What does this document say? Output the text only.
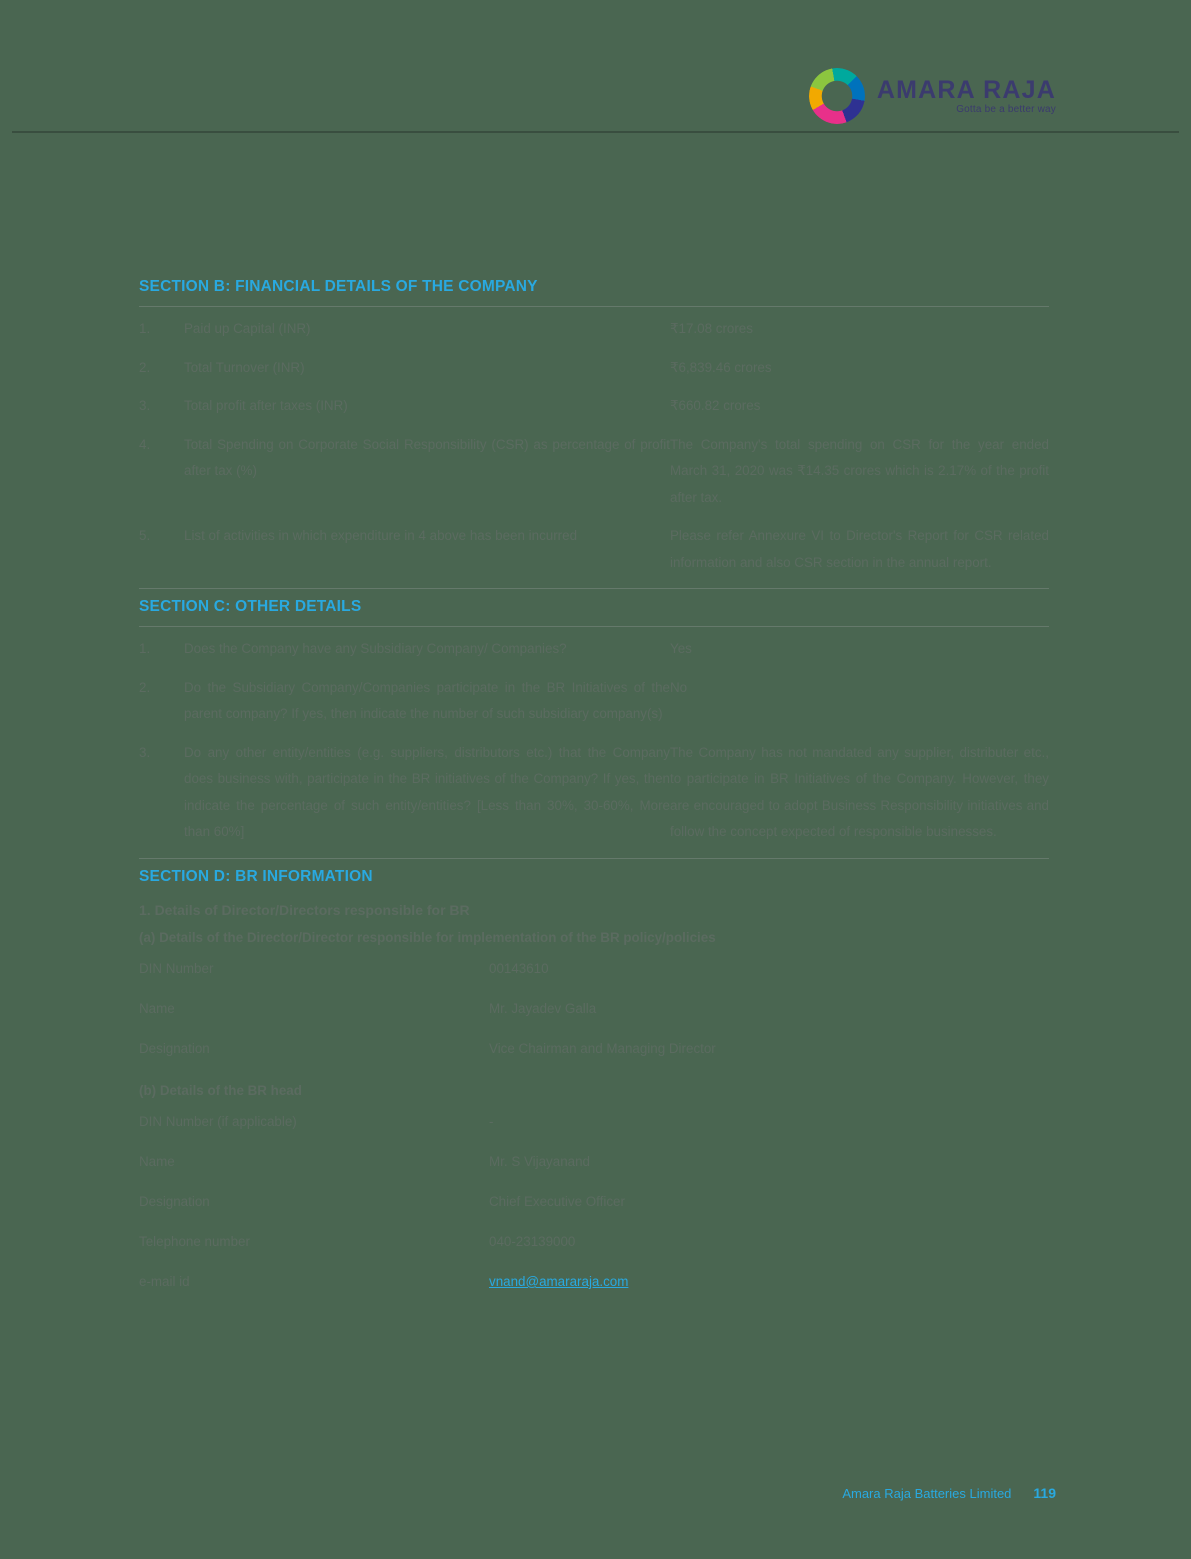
AMARA RAJA
Gotta be a better way
SECTION B: FINANCIAL DETAILS OF THE COMPANY
1.	Paid up Capital (INR)	₹17.08 crores
2.	Total Turnover (INR)	₹6,839.46 crores
3.	Total profit after taxes (INR)	₹660.82 crores
4.	Total Spending on Corporate Social Responsibility (CSR) as percentage of profit after tax (%)	The Company's total spending on CSR for the year ended March 31, 2020 was ₹14.35 crores which is 2.17% of the profit after tax.
5.	List of activities in which expenditure in 4 above has been incurred	Please refer Annexure VI to Director's Report for CSR related information and also CSR section in the annual report.
SECTION C: OTHER DETAILS
1.	Does the Company have any Subsidiary Company/ Companies?	Yes
2.	Do the Subsidiary Company/Companies participate in the BR Initiatives of the parent company? If yes, then indicate the number of such subsidiary company(s)	No
3.	Do any other entity/entities (e.g. suppliers, distributors etc.) that the Company does business with, participate in the BR initiatives of the Company? If yes, then indicate the percentage of such entity/entities? [Less than 30%, 30-60%, More than 60%]	The Company has not mandated any supplier, distributer etc., to participate in BR Initiatives of the Company. However, they are encouraged to adopt Business Responsibility initiatives and follow the concept expected of responsible businesses.
SECTION D: BR INFORMATION
1. Details of Director/Directors responsible for BR
(a) Details of the Director/Director responsible for implementation of the BR policy/policies
DIN Number	00143610
Name	Mr. Jayadev Galla
Designation	Vice Chairman and Managing Director
(b) Details of the BR head
DIN Number (if applicable)	-
Name	Mr. S Vijayanand
Designation	Chief Executive Officer
Telephone number	040-23139000
e-mail id	vnand@amararaja.com
Amara Raja Batteries Limited 119
